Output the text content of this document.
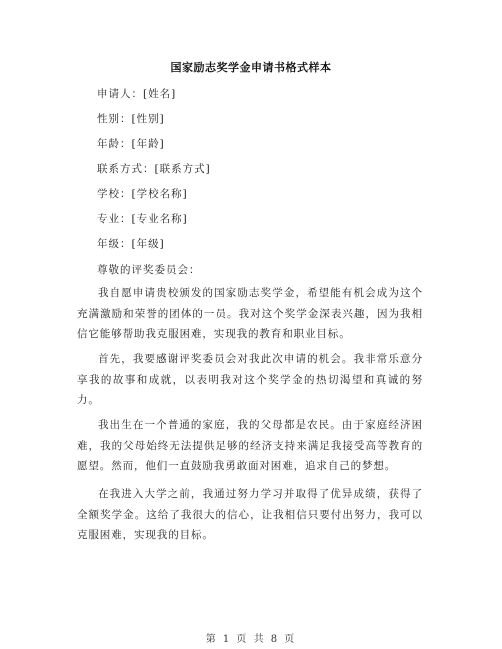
国家励志奖学金申请书格式样本
申请人：[姓名]
性别：[性别]
年龄：[年龄]
联系方式：[联系方式]
学校：[学校名称]
专业：[专业名称]
年级：[年级]
尊敬的评奖委员会：

我自愿申请贵校颁发的国家励志奖学金，希望能有机会成为这个充满激励和荣誉的团体的一员。我对这个奖学金深表兴趣，因为我相信它能够帮助我克服困难，实现我的教育和职业目标。

首先，我要感谢评奖委员会对我此次申请的机会。我非常乐意分享我的故事和成就，以表明我对这个奖学金的热切渴望和真诚的努力。

我出生在一个普通的家庭，我的父母都是农民。由于家庭经济困难，我的父母始终无法提供足够的经济支持来满足我接受高等教育的愿望。然而，他们一直鼓励我勇敢面对困难，追求自己的梦想。

在我进入大学之前，我通过努力学习并取得了优异成绩，获得了全额奖学金。这给了我很大的信心，让我相信只要付出努力，我可以克服困难，实现我的目标。

第 1 页 共 8 页
